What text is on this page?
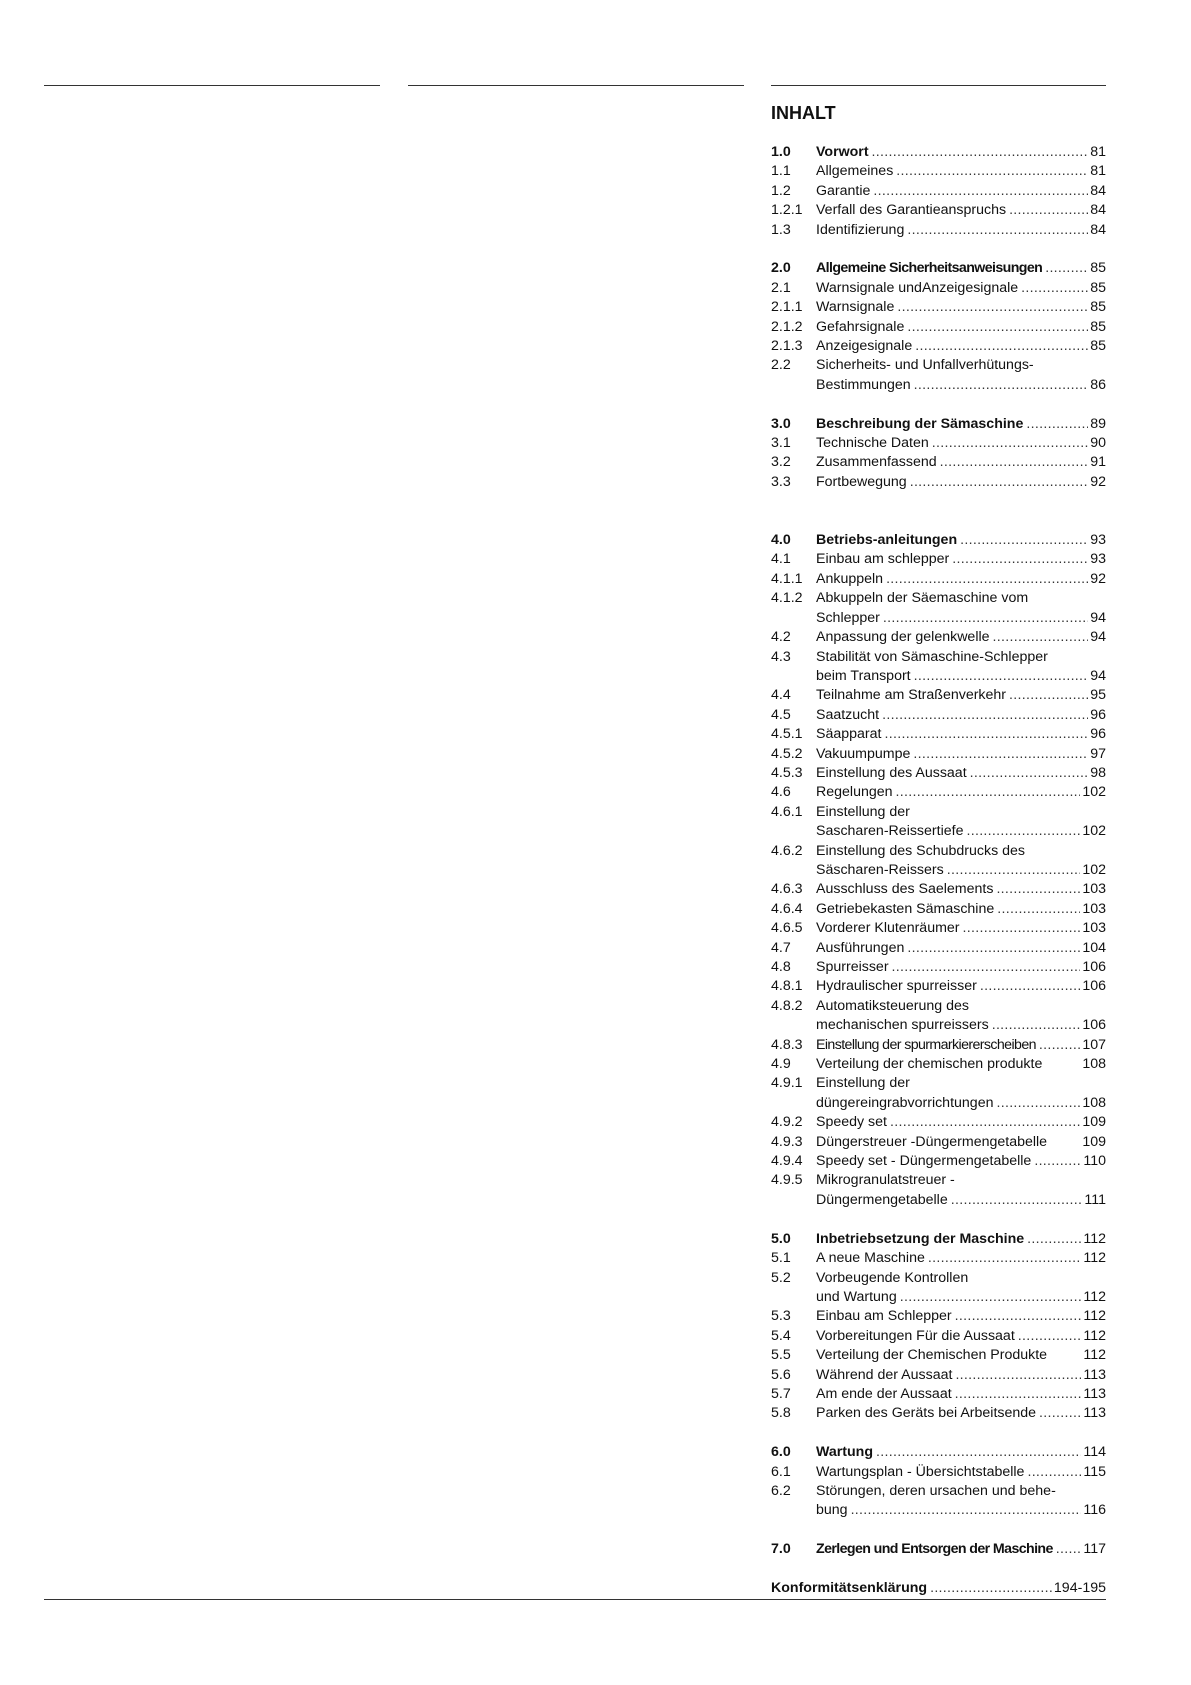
INHALT
1.0	Vorwort .....	81
1.1	Allgemeines .....	81
1.2	Garantie .....	84
1.2.1 Verfall des Garantieanspruchs .....	84
1.3	Identifizierung .....	84
2.0	Allgemeine Sicherheitsanweisungen .....	85
2.1	Warnsignale undAnzeigesignale .....	85
2.1.1 Warnsignale .....	85
2.1.2 Gefahrsignale .....	85
2.1.3 Anzeigesignale .....	85
2.2	Sicherheits- und Unfallverhütungs-
Bestimmungen .....	86
3.0	Beschreibung der Sämaschine .....	89
3.1	Technische Daten .....	90
3.2	Zusammenfassend .....	91
3.3	Fortbewegung .....	92
4.0	Betriebs-anleitungen .....	93
4.1	Einbau am schlepper .....	93
4.1.1 Ankuppeln .....	92
4.1.2 Abkuppeln der Säemaschine vom
Schlepper .....	94
4.2	Anpassung der gelenkwelle .....	94
4.3	Stabilität von Sämaschine-Schlepper
beim Transport .....	94
4.4	Teilnahme am Straßenverkehr .....	95
4.5	Saatzucht .....	96
4.5.1 Säapparat .....	96
4.5.2 Vakuumpumpe .....	97
4.5.3 Einstellung des Aussaat .....	98
4.6	Regelungen .....	102
4.6.1 Einstellung der
Sascharen-Reissertiefe .....	102
4.6.2 Einstellung des Schubdrucks des
Säscharen-Reissers .....	102
4.6.3 Ausschluss des Saelements .....	103
4.6.4 Getriebekasten Sämaschine .....	103
4.6.5 Vorderer Klutenräumer .....	103
4.7	Ausführungen .....	104
4.8	Spurreisser .....	106
4.8.1 Hydraulischer spurreisser .....	106
4.8.2 Automatiksteuerung des
mechanischen spurreissers .....	106
4.8.3 Einstellung der spurmarkiererscheiben .....	107
4.9	Verteilung der chemischen produkte	108
4.9.1 Einstellung der
düngereingrabvorrichtungen .....	108
4.9.2 Speedy set .....	109
4.9.3 Düngerstreuer -Düngermengetabelle 109
4.9.4 Speedy set - Düngermengetabelle .....	110
4.9.5 Mikrogranulatstreuer -
Düngermengetabelle .....	111
5.0	Inbetriebsetzung der Maschine .....	112
5.1	A neue Maschine .....	112
5.2	Vorbeugende Kontrollen
und Wartung .....	112
5.3	Einbau am Schlepper .....	112
5.4	Vorbereitungen Für die Aussaat .....	112
5.5	Verteilung der Chemischen Produkte	112
5.6	Während der Aussaat .....	113
5.7	Am ende der Aussaat .....	113
5.8	Parken des Geräts bei Arbeitsende .....	113
6.0	Wartung .....	114
6.1	Wartungsplan - Übersichtstabelle .....	115
6.2	Störungen, deren ursachen und behe-
bung .....	116
7.0	Zerlegen und Entsorgen der Maschine ..... 117
Konformitätsenklärung .....	194-195
